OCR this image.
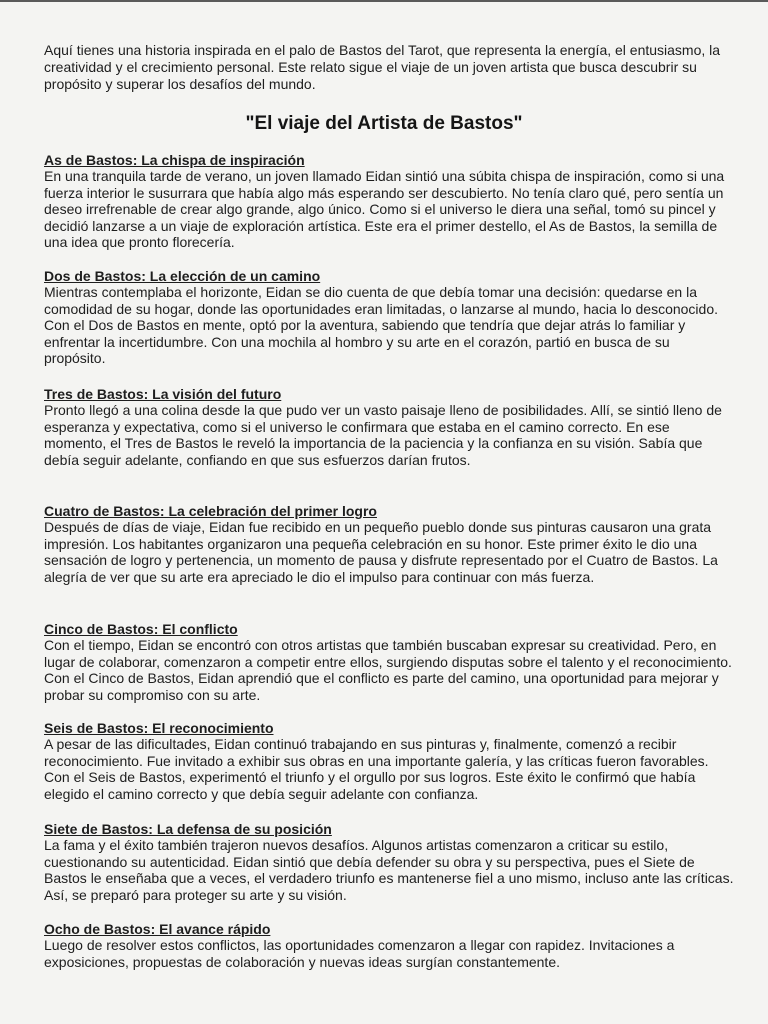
Aquí tienes una historia inspirada en el palo de Bastos del Tarot, que representa la energía, el entusiasmo, la creatividad y el crecimiento personal. Este relato sigue el viaje de un joven artista que busca descubrir su propósito y superar los desafíos del mundo.

"El viaje del Artista de Bastos"
As de Bastos: La chispa de inspiración

En una tranquila tarde de verano, un joven llamado Eidan sintió una súbita chispa de inspiración, como si una fuerza interior le susurrara que había algo más esperando ser descubierto. No tenía claro qué, pero sentía un deseo irrefrenable de crear algo grande, algo único. Como si el universo le diera una señal, tomó su pincel y decidió lanzarse a un viaje de exploración artística. Este era el primer destello, el As de Bastos, la semilla de una idea que pronto florecería.

Dos de Bastos: La elección de un camino

Mientras contemplaba el horizonte, Eidan se dio cuenta de que debía tomar una decisión: quedarse en la comodidad de su hogar, donde las oportunidades eran limitadas, o lanzarse al mundo, hacia lo desconocido. Con el Dos de Bastos en mente, optó por la aventura, sabiendo que tendría que dejar atrás lo familiar y enfrentar la incertidumbre. Con una mochila al hombro y su arte en el corazón, partió en busca de su propósito.

Tres de Bastos: La visión del futuro

Pronto llegó a una colina desde la que pudo ver un vasto paisaje lleno de posibilidades. Allí, se sintió lleno de esperanza y expectativa, como si el universo le confirmara que estaba en el camino correcto. En ese momento, el Tres de Bastos le reveló la importancia de la paciencia y la confianza en su visión. Sabía que debía seguir adelante, confiando en que sus esfuerzos darían frutos.

Cuatro de Bastos: La celebración del primer logro

Después de días de viaje, Eidan fue recibido en un pequeño pueblo donde sus pinturas causaron una grata impresión. Los habitantes organizaron una pequeña celebración en su honor. Este primer éxito le dio una sensación de logro y pertenencia, un momento de pausa y disfrute representado por el Cuatro de Bastos. La alegría de ver que su arte era apreciado le dio el impulso para continuar con más fuerza.

Cinco de Bastos: El conflicto

Con el tiempo, Eidan se encontró con otros artistas que también buscaban expresar su creatividad. Pero, en lugar de colaborar, comenzaron a competir entre ellos, surgiendo disputas sobre el talento y el reconocimiento. Con el Cinco de Bastos, Eidan aprendió que el conflicto es parte del camino, una oportunidad para mejorar y probar su compromiso con su arte.

Seis de Bastos: El reconocimiento

A pesar de las dificultades, Eidan continuó trabajando en sus pinturas y, finalmente, comenzó a recibir reconocimiento. Fue invitado a exhibir sus obras en una importante galería, y las críticas fueron favorables. Con el Seis de Bastos, experimentó el triunfo y el orgullo por sus logros. Este éxito le confirmó que había elegido el camino correcto y que debía seguir adelante con confianza.

Siete de Bastos: La defensa de su posición

La fama y el éxito también trajeron nuevos desafíos. Algunos artistas comenzaron a criticar su estilo, cuestionando su autenticidad. Eidan sintió que debía defender su obra y su perspectiva, pues el Siete de Bastos le enseñaba que a veces, el verdadero triunfo es mantenerse fiel a uno mismo, incluso ante las críticas. Así, se preparó para proteger su arte y su visión.

Ocho de Bastos: El avance rápido

Luego de resolver estos conflictos, las oportunidades comenzaron a llegar con rapidez. Invitaciones a exposiciones, propuestas de colaboración y nuevas ideas surgían constantemente.
